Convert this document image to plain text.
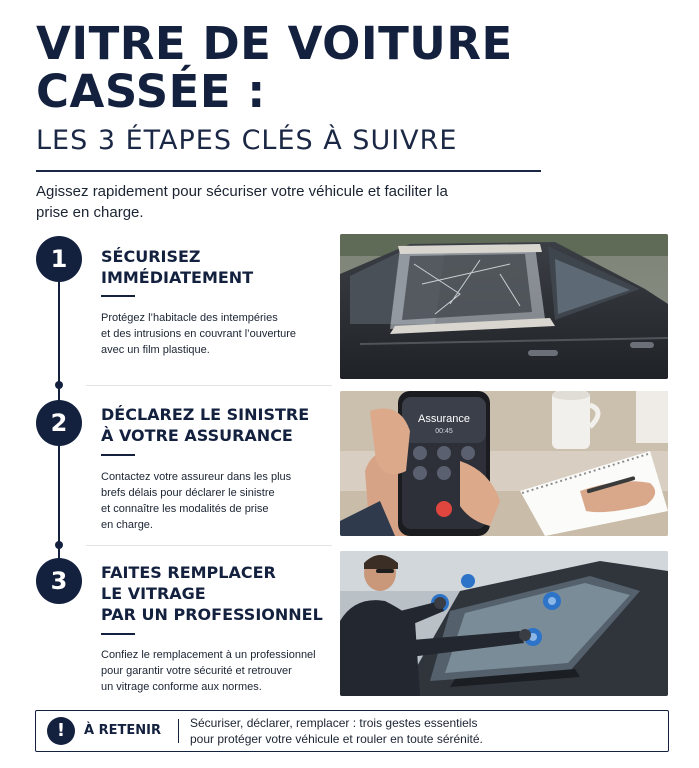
VITRE DE VOITURE
CASSÉE :
LES 3 ÉTAPES CLÉS À SUIVRE
Agissez rapidement pour sécuriser votre véhicule et faciliter la prise en charge.
1	SÉCURISEZ
IMMÉDIATEMENT
Protégez l’habitacle des intempéries
et des intrusions en couvrant l’ouverture
avec un film plastique.
2	DÉCLAREZ LE SINISTRE
À VOTRE ASSURANCE
Contactez votre assureur dans les plus
brefs délais pour déclarer le sinistre
et connaître les modalités de prise
en charge.
3	FAITES REMPLACER
LE VITRAGE
PAR UN PROFESSIONNEL
Confiez le remplacement à un professionnel
pour garantir votre sécurité et retrouver
un vitrage conforme aux normes.
Assurance
00:45
!	À RETENIR Sécuriser, déclarer, remplacer : trois gestes essentiels
pour protéger votre véhicule et rouler en toute sérénité.
